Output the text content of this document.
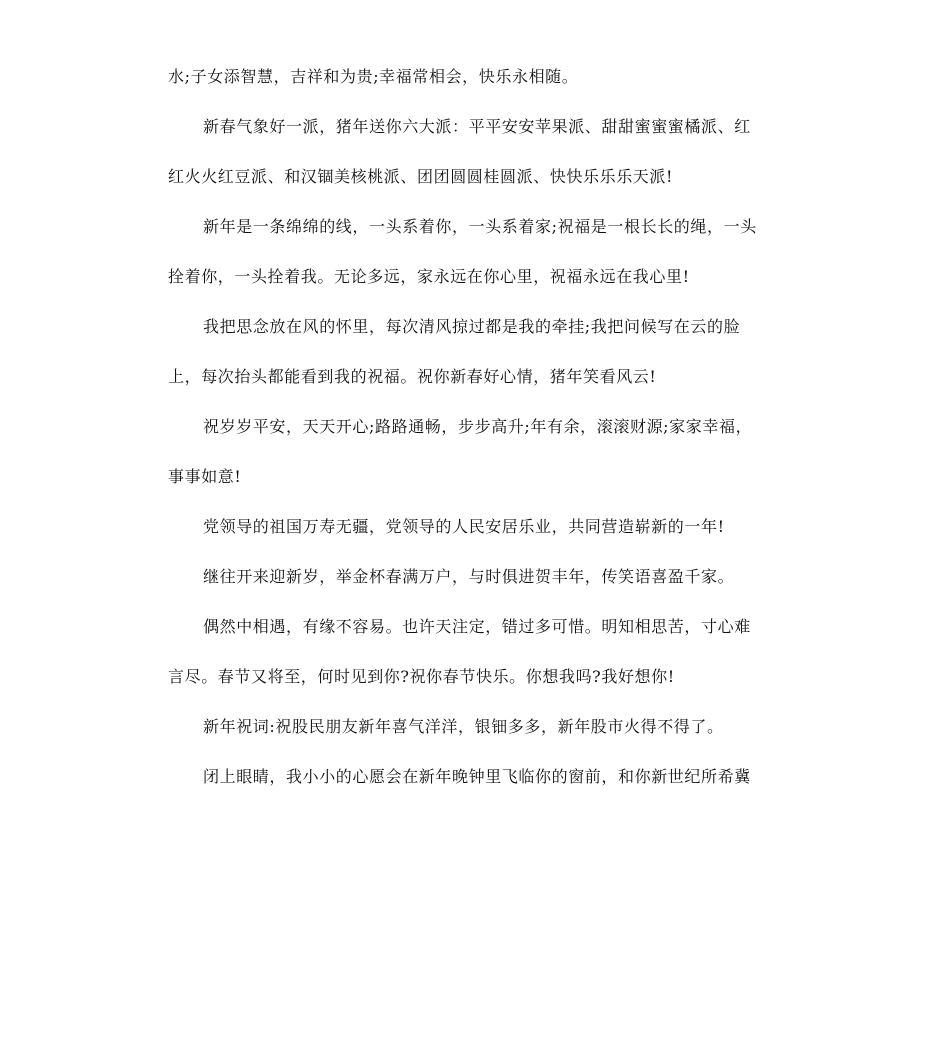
水;子女添智慧，吉祥和为贵;幸福常相会，快乐永相随。
新春气象好一派，猪年送你六大派：平平安安苹果派、甜甜蜜蜜蜜橘派、红
红火火红豆派、和汉锢美核桃派、团团圆圆桂圆派、快快乐乐乐天派!
新年是一条绵绵的线，一头系着你，一头系着家;祝福是一根长长的绳，一头
拴着你，一头拴着我。无论多远，家永远在你心里，祝福永远在我心里!
我把思念放在风的怀里，每次清风掠过都是我的牵挂;我把问候写在云的脸
上，每次抬头都能看到我的祝福。祝你新春好心情，猪年笑看风云!
祝岁岁平安，天天开心;路路通畅，步步高升;年有余，滚滚财源;家家幸福，
事事如意!
党领导的祖国万寿无疆，党领导的人民安居乐业，共同营造崭新的一年!
继往开来迎新岁，举金杯春满万户，与时俱进贺丰年，传笑语喜盈千家。
偶然中相遇，有缘不容易。也许天注定，错过多可惜。明知相思苦，寸心难
言尽。春节又将至，何时见到你?祝你春节快乐。你想我吗?我好想你!
新年祝词:祝股民朋友新年喜气洋洋，银钿多多，新年股市火得不得了。
闭上眼睛，我小小的心愿会在新年晚钟里飞临你的窗前，和你新世纪所希冀
